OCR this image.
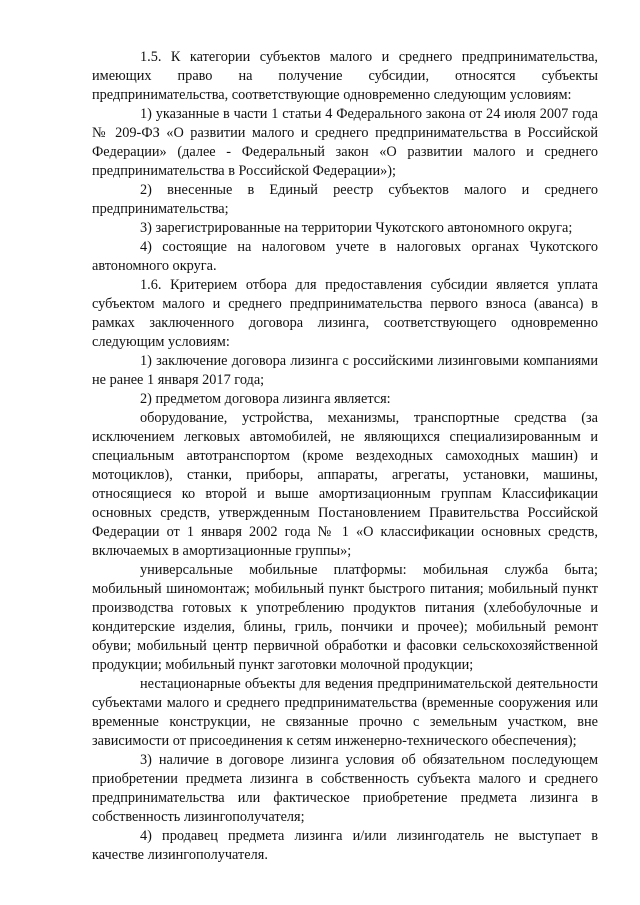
1.5. К категории субъектов малого и среднего предпринимательства, имеющих право на получение субсидии, относятся субъекты предпринимательства, соответствующие одновременно следующим условиям:

1) указанные в части 1 статьи 4 Федерального закона от 24 июля 2007 года № 209-ФЗ «О развитии малого и среднего предпринимательства в Российской Федерации» (далее - Федеральный закон «О развитии малого и среднего предпринимательства в Российской Федерации»);

2) внесенные в Единый реестр субъектов малого и среднего предпринимательства;

3) зарегистрированные на территории Чукотского автономного округа;

4) состоящие на налоговом учете в налоговых органах Чукотского автономного округа.

1.6. Критерием отбора для предоставления субсидии является уплата субъектом малого и среднего предпринимательства первого взноса (аванса) в рамках заключенного договора лизинга, соответствующего одновременно следующим условиям:

1) заключение договора лизинга с российскими лизинговыми компаниями не ранее 1 января 2017 года;

2) предметом договора лизинга является:

оборудование, устройства, механизмы, транспортные средства (за исключением легковых автомобилей, не являющихся специализированным и специальным автотранспортом (кроме вездеходных самоходных машин) и мотоциклов), станки, приборы, аппараты, агрегаты, установки, машины, относящиеся ко второй и выше амортизационным группам Классификации основных средств, утвержденным Постановлением Правительства Российской Федерации от 1 января 2002 года № 1 «О классификации основных средств, включаемых в амортизационные группы»;

универсальные мобильные платформы: мобильная служба быта; мобильный шиномонтаж; мобильный пункт быстрого питания; мобильный пункт производства готовых к употреблению продуктов питания (хлебобулочные и кондитерские изделия, блины, гриль, пончики и прочее); мобильный ремонт обуви; мобильный центр первичной обработки и фасовки сельскохозяйственной продукции; мобильный пункт заготовки молочной продукции;

нестационарные объекты для ведения предпринимательской деятельности субъектами малого и среднего предпринимательства (временные сооружения или временные конструкции, не связанные прочно с земельным участком, вне зависимости от присоединения к сетям инженерно-технического обеспечения);

3) наличие в договоре лизинга условия об обязательном последующем приобретении предмета лизинга в собственность субъекта малого и среднего предпринимательства или фактическое приобретение предмета лизинга в собственность лизингополучателя;

4) продавец предмета лизинга и/или лизингодатель не выступает в качестве лизингополучателя.
